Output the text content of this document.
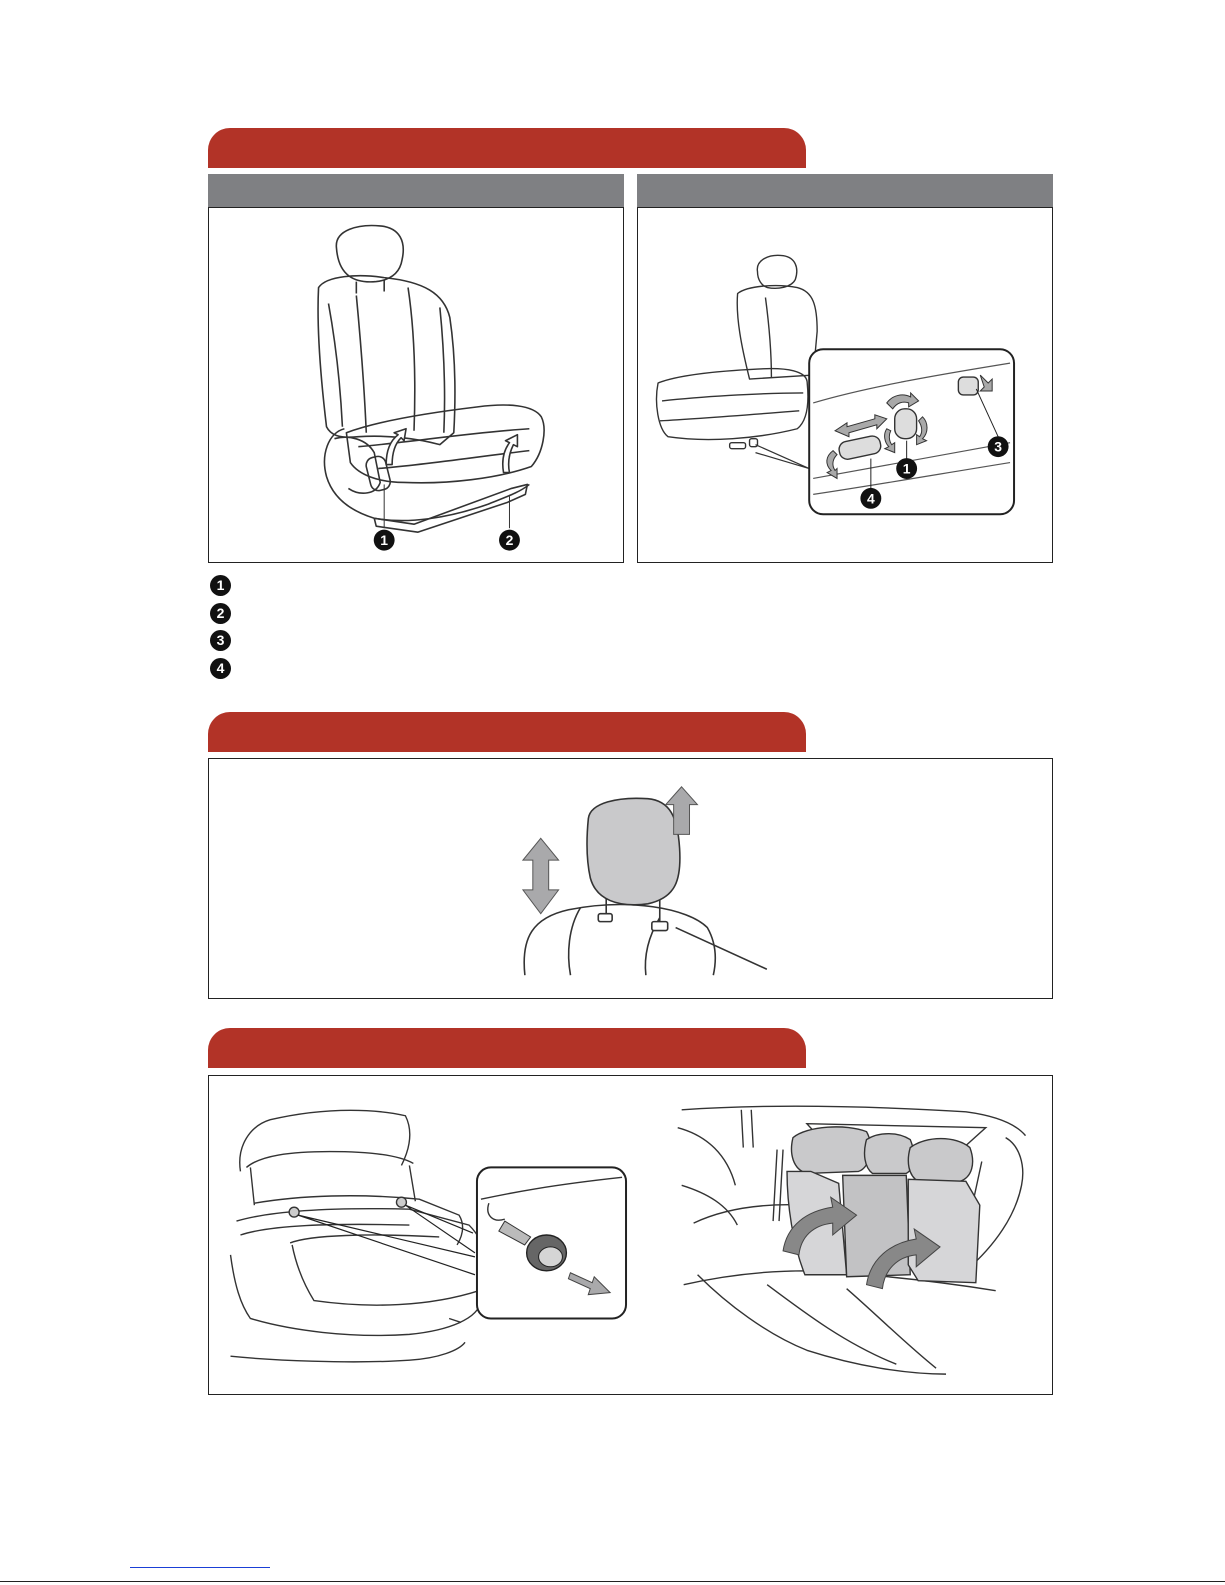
1	2
4
1
3
1
2
3
4
